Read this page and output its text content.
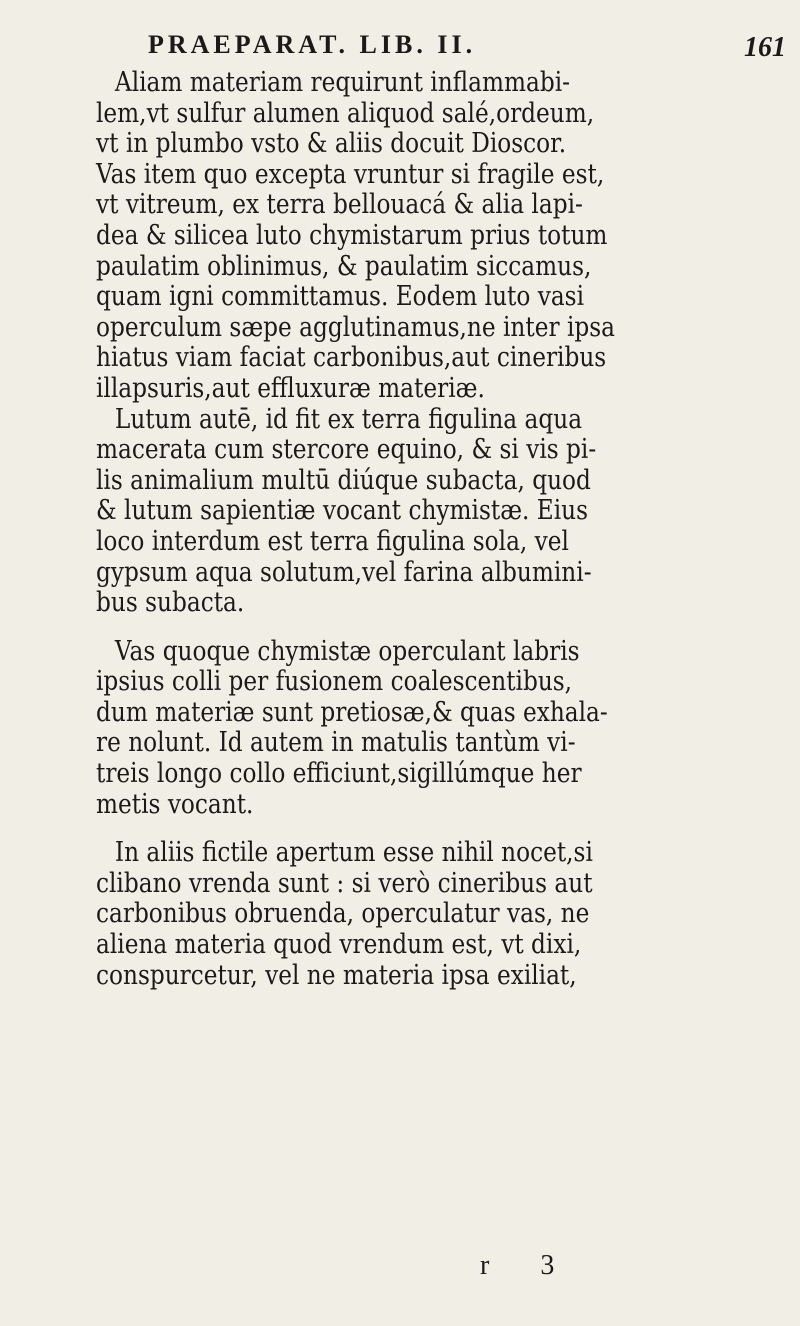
PRAEPARAT. LIB. II.	161
Aliam materiam requirunt inflammabi-
lem,vt sulfur alumen aliquod salé,ordeum,
vt in plumbo vsto & aliis docuit Dioscor.
Vas item quo excepta vruntur si fragile est,
vt vitreum, ex terra bellouacá & alia lapi-
dea & silicea luto chymistarum prius totum
paulatim oblinimus, & paulatim siccamus,
quam igni committamus. Eodem luto vasi
operculum sæpe agglutinamus,ne inter ipsa
hiatus viam faciat carbonibus,aut cineribus
illapsuris,aut effluxuræ materiæ.
Lutum autē, id fit ex terra figulina aqua
macerata cum stercore equino, & si vis pi-
lis animalium multū diúque subacta, quod
& lutum sapientiæ vocant chymistæ. Eius
loco interdum est terra figulina sola, vel
gypsum aqua solutum,vel farina albumini-
bus subacta.
Vas quoque chymistæ operculant labris
ipsius colli per fusionem coalescentibus,
dum materiæ sunt pretiosæ,& quas exhala-
re nolunt. Id autem in matulis tantùm vi-
treis longo collo efficiunt,sigillúmque her
metis vocant.
In aliis fictile apertum esse nihil nocet,si
clibano vrenda sunt : si verò cineribus aut
carbonibus obruenda, operculatur vas, ne
aliena materia quod vrendum est, vt dixi,
conspurcetur, vel ne materia ipsa exiliat,
r 3
